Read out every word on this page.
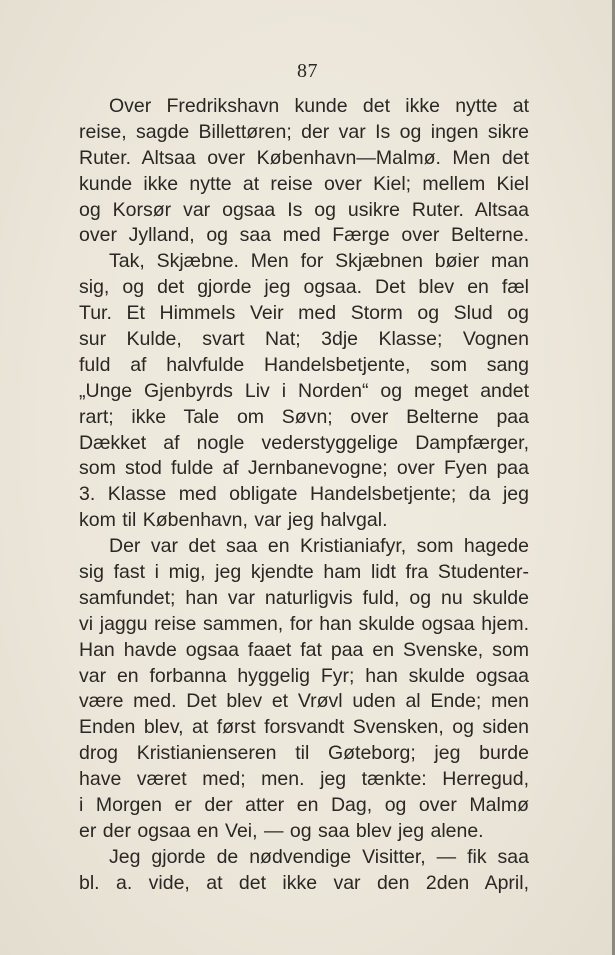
87
Over Fredrikshavn kunde det ikke nytte at
reise, sagde Billettøren; der var Is og ingen sikre
Ruter. Altsaa over København—Malmø. Men det
kunde ikke nytte at reise over Kiel; mellem Kiel
og Korsør var ogsaa Is og usikre Ruter. Altsaa
over Jylland, og saa med Færge over Belterne.
Tak, Skjæbne. Men for Skjæbnen bøier man
sig, og det gjorde jeg ogsaa. Det blev en fæl
Tur. Et Himmels Veir med Storm og Slud og
sur Kulde, svart Nat; 3dje Klasse; Vognen
fuld af halvfulde Handelsbetjente, som sang
„Unge Gjenbyrds Liv i Norden“ og meget andet
rart; ikke Tale om Søvn; over Belterne paa
Dækket af nogle vederstyggelige Dampfærger,
som stod fulde af Jernbanevogne; over Fyen paa
3. Klasse med obligate Handelsbetjente; da jeg
kom til København, var jeg halvgal.
Der var det saa en Kristianiafyr, som hagede
sig fast i mig, jeg kjendte ham lidt fra Studenter-
samfundet; han var naturligvis fuld, og nu skulde
vi jaggu reise sammen, for han skulde ogsaa hjem.
Han havde ogsaa faaet fat paa en Svenske, som
var en forbanna hyggelig Fyr; han skulde ogsaa
være med. Det blev et Vrøvl uden al Ende; men
Enden blev, at først forsvandt Svensken, og siden
drog Kristianienseren til Gøteborg; jeg burde
have været med; men. jeg tænkte: Herregud,
i Morgen er der atter en Dag, og over Malmø
er der ogsaa en Vei, — og saa blev jeg alene.
Jeg gjorde de nødvendige Visitter, — fik saa
bl. a. vide, at det ikke var den 2den April,
